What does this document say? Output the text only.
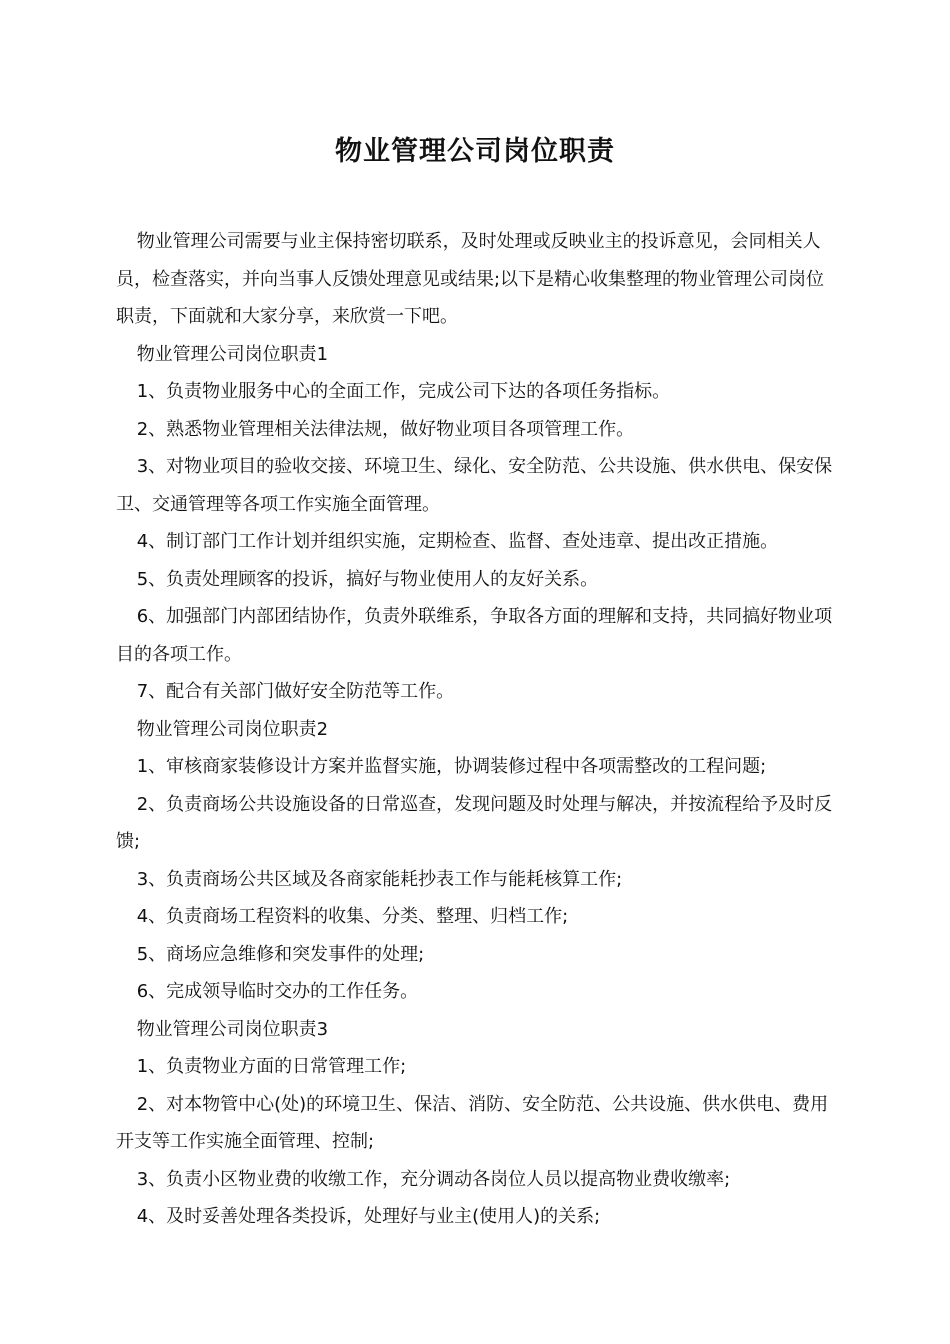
物业管理公司岗位职责

物业管理公司需要与业主保持密切联系，及时处理或反映业主的投诉意见，会同相关人员，检查落实，并向当事人反馈处理意见或结果;以下是精心收集整理的物业管理公司岗位职责，下面就和大家分享，来欣赏一下吧。

物业管理公司岗位职责1

1、负责物业服务中心的全面工作，完成公司下达的各项任务指标。

2、熟悉物业管理相关法律法规，做好物业项目各项管理工作。

3、对物业项目的验收交接、环境卫生、绿化、安全防范、公共设施、供水供电、保安保卫、交通管理等各项工作实施全面管理。

4、制订部门工作计划并组织实施，定期检查、监督、查处违章、提出改正措施。

5、负责处理顾客的投诉，搞好与物业使用人的友好关系。

6、加强部门内部团结协作，负责外联维系，争取各方面的理解和支持，共同搞好物业项目的各项工作。

7、配合有关部门做好安全防范等工作。

物业管理公司岗位职责2

1、审核商家装修设计方案并监督实施，协调装修过程中各项需整改的工程问题;

2、负责商场公共设施设备的日常巡查，发现问题及时处理与解决，并按流程给予及时反馈;

3、负责商场公共区域及各商家能耗抄表工作与能耗核算工作;

4、负责商场工程资料的收集、分类、整理、归档工作;

5、商场应急维修和突发事件的处理;

6、完成领导临时交办的工作任务。

物业管理公司岗位职责3

1、负责物业方面的日常管理工作;

2、对本物管中心(处)的环境卫生、保洁、消防、安全防范、公共设施、供水供电、费用开支等工作实施全面管理、控制;

3、负责小区物业费的收缴工作，充分调动各岗位人员以提高物业费收缴率;

4、及时妥善处理各类投诉，处理好与业主(使用人)的关系;
